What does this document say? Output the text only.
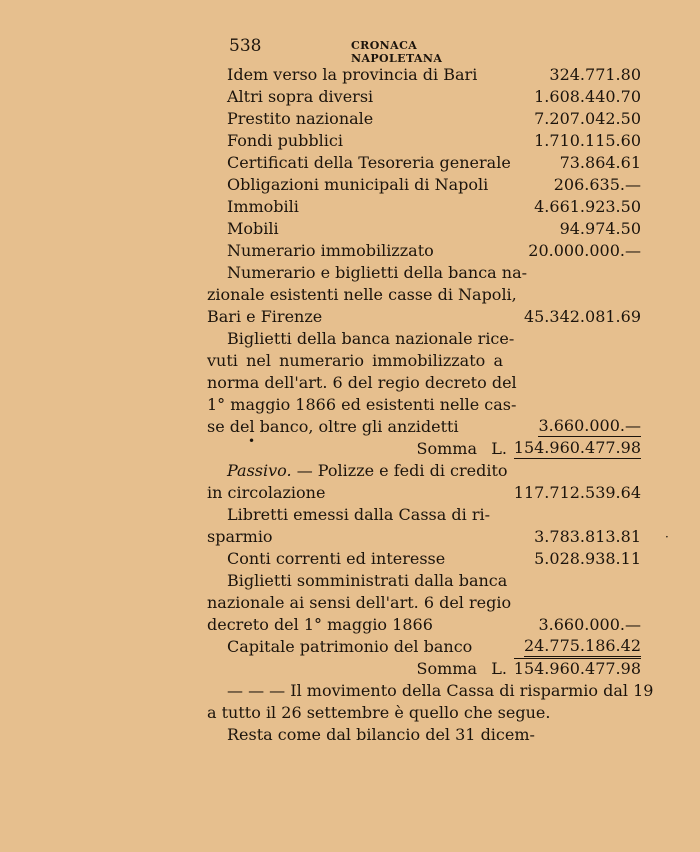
538	CRONACA NAPOLETANA
Idem verso la provincia di Bari	324.771.80
Altri sopra diversi	1.608.440.70
Prestito nazionale	7.207.042.50
Fondi pubblici	1.710.115.60
Certificati della Tesoreria generale	73.864.61
Obligazioni municipali di Napoli	206.635.—
Immobili	4.661.923.50
Mobili	94.974.50
Numerario immobilizzato	20.000.000.—
Numerario e biglietti della banca na-
zionale esistenti nelle casse di Napoli,
Bari e Firenze	45.342.081.69
Biglietti della banca nazionale rice-
vuti nel numerario immobilizzato a
norma dell'art. 6 del regio decreto del
1° maggio 1866 ed esistenti nelle cas-
se del banco, oltre gli anzidetti	3.660.000.—
Somma L. 154.960.477.98
Passivo. — Polizze e fedi di credito
in circolazione	117.712.539.64
Libretti emessi dalla Cassa di ri-
sparmio	3.783.813.81
Conti correnti ed interesse	5.028.938.11
Biglietti somministrati dalla banca
nazionale ai sensi dell'art. 6 del regio
decreto del 1° maggio 1866	3.660.000.—
Capitale patrimonio del banco	24.775.186.42
Somma L. 154.960.477.98
— — — Il movimento della Cassa di risparmio dal 19
a tutto il 26 settembre è quello che segue.
Resta come dal bilancio del 31 dicem-
•
·
